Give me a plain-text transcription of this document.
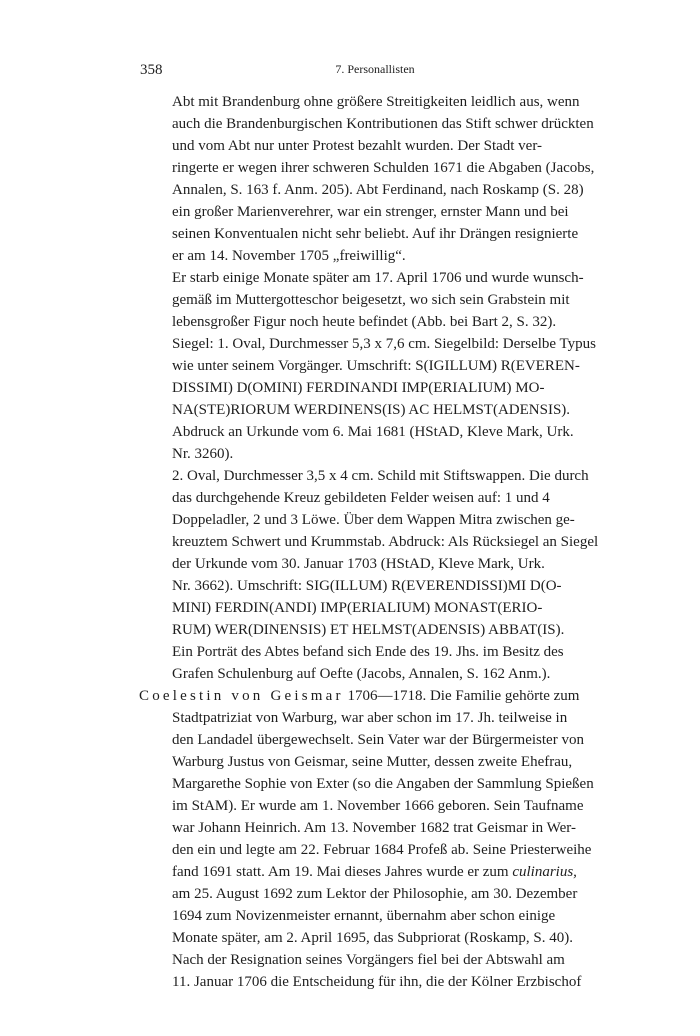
358	7. Personallisten
Abt mit Brandenburg ohne größere Streitigkeiten leidlich aus, wenn
auch die Brandenburgischen Kontributionen das Stift schwer drückten
und vom Abt nur unter Protest bezahlt wurden. Der Stadt ver-
ringerte er wegen ihrer schweren Schulden 1671 die Abgaben (Jacobs,
Annalen, S. 163 f. Anm. 205). Abt Ferdinand, nach Roskamp (S. 28)
ein großer Marienverehrer, war ein strenger, ernster Mann und bei
seinen Konventualen nicht sehr beliebt. Auf ihr Drängen resignierte
er am 14. November 1705 „freiwillig“.
Er starb einige Monate später am 17. April 1706 und wurde wunsch-
gemäß im Muttergotteschor beigesetzt, wo sich sein Grabstein mit
lebensgroßer Figur noch heute befindet (Abb. bei Bart 2, S. 32).
Siegel: 1. Oval, Durchmesser 5,3 x 7,6 cm. Siegelbild: Derselbe Typus
wie unter seinem Vorgänger. Umschrift: S(IGILLUM) R(EVEREN-
DISSIMI) D(OMINI) FERDINANDI IMP(ERIALIUM) MO-
NA(STE)RIORUM WERDINENS(IS) AC HELMST(ADENSIS).
Abdruck an Urkunde vom 6. Mai 1681 (HStAD, Kleve Mark, Urk.
Nr. 3260).
2. Oval, Durchmesser 3,5 x 4 cm. Schild mit Stiftswappen. Die durch
das durchgehende Kreuz gebildeten Felder weisen auf: 1 und 4
Doppeladler, 2 und 3 Löwe. Über dem Wappen Mitra zwischen ge-
kreuztem Schwert und Krummstab. Abdruck: Als Rücksiegel an Siegel
der Urkunde vom 30. Januar 1703 (HStAD, Kleve Mark, Urk.
Nr. 3662). Umschrift: SIG(ILLUM) R(EVERENDISSI)MI D(O-
MINI) FERDIN(ANDI) IMP(ERIALIUM) MONAST(ERIO-
RUM) WER(DINENSIS) ET HELMST(ADENSIS) ABBAT(IS).
Ein Porträt des Abtes befand sich Ende des 19. Jhs. im Besitz des
Grafen Schulenburg auf Oefte (Jacobs, Annalen, S. 162 Anm.).
Coelestin von Geismar 1706—1718. Die Familie gehörte zum
Stadtpatriziat von Warburg, war aber schon im 17. Jh. teilweise in
den Landadel übergewechselt. Sein Vater war der Bürgermeister von
Warburg Justus von Geismar, seine Mutter, dessen zweite Ehefrau,
Margarethe Sophie von Exter (so die Angaben der Sammlung Spießen
im StAM). Er wurde am 1. November 1666 geboren. Sein Taufname
war Johann Heinrich. Am 13. November 1682 trat Geismar in Wer-
den ein und legte am 22. Februar 1684 Profeß ab. Seine Priesterweihe
fand 1691 statt. Am 19. Mai dieses Jahres wurde er zum culinarius,
am 25. August 1692 zum Lektor der Philosophie, am 30. Dezember
1694 zum Novizenmeister ernannt, übernahm aber schon einige
Monate später, am 2. April 1695, das Subpriorat (Roskamp, S. 40).
Nach der Resignation seines Vorgängers fiel bei der Abtswahl am
11. Januar 1706 die Entscheidung für ihn, die der Kölner Erzbischof
